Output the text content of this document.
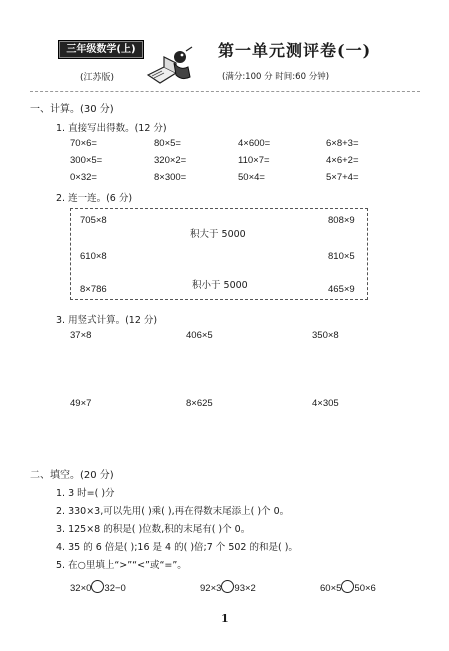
三年级数学(上)
(江苏版)
第一单元测评卷(一)
(满分:100 分 时间:60 分钟)
一、计算。(30 分)
1. 直接写出得数。(12 分)
70×6=	80×5=	4×600=	6×8+3=
300×5=	320×2=	110×7=	4×6+2=
0×32=	8×300=	50×4=	5×7+4=
2. 连一连。(6 分)
705×8
610×8
8×786
808×9
810×5
465×9
积大于 5000
积小于 5000
3. 用竖式计算。(12 分)
37×8	406×5	350×8
49×7	8×625	4×305
二、填空。(20 分)
1. 3 时=( )分
2. 330×3,可以先用( )乘( ),再在得数末尾添上( )个 0。
3. 125×8 的积是( )位数,积的末尾有( )个 0。
4. 35 的 6 倍是( );16 是 4 的( )倍;7 个 502 的和是( )。
5. 在○里填上“>”“<”或“=”。
32×0 32−0	92×3 93×2	60×5 50×6
1
